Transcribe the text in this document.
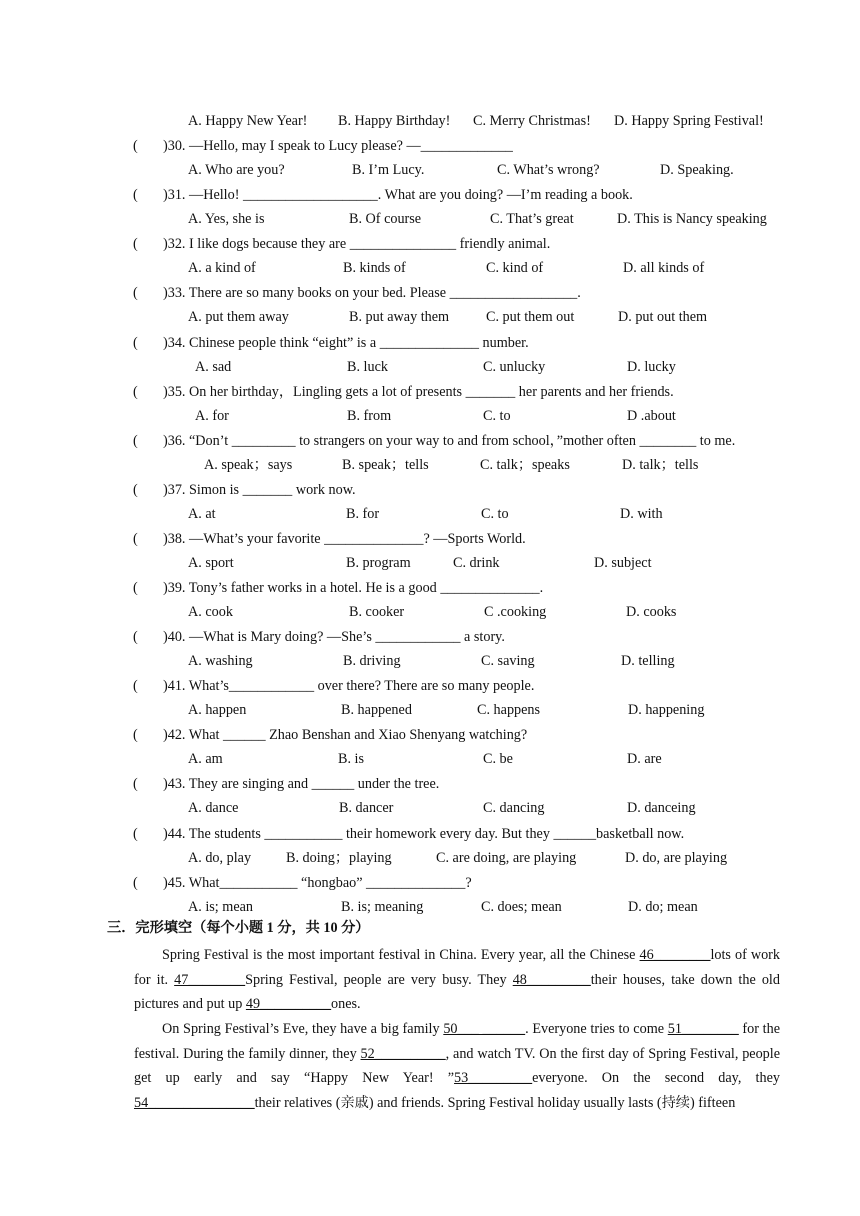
A. Happy New Year! B. Happy Birthday! C. Merry Christmas! D. Happy Spring Festival!
( )30. —Hello, may I speak to Lucy please? —_____________
A. Who are you?	B. I’m Lucy.	C. What’s wrong?	D. Speaking.
( )31. —Hello! ___________________. What are you doing? —I’m reading a book.
A. Yes, she is	B. Of course	C. That’s great	D. This is Nancy speaking
( )32. I like dogs because they are _______________ friendly animal.
A. a kind of	B. kinds of	C. kind of	D. all kinds of
( )33. There are so many books on your bed. Please __________________.
A. put them away	B. put away them	C. put them out	D. put out them
( )34. Chinese people think “eight” is a ______________ number.
A. sad	B. luck	C. unlucky	D. lucky
( )35. On her birthday，Lingling gets a lot of presents _______ her parents and her friends.
A. for	B. from	C. to	D .about
( )36. “Don’t _________ to strangers on your way to and from school，”mother often ________ to me.
A. speak；says	B. speak；tells	C. talk；speaks	D. talk；tells
( )37. Simon is _______ work now.
A. at	B. for	C. to	D. with
( )38. —What’s your favorite ______________? —Sports World.
A. sport	B. program	C. drink	D. subject
( )39. Tony’s father works in a hotel. He is a good ______________.
A. cook	B. cooker	C .cooking	D. cooks
( )40. —What is Mary doing? —She’s ____________ a story.
A. washing	B. driving	C. saving	D. telling
( )41. What’s____________ over there? There are so many people.
A. happen	B. happened	C. happens	D. happening
( )42. What ______ Zhao Benshan and Xiao Shenyang watching?
A. am	B. is	C. be	D. are
( )43. They are singing and ______ under the tree.
A. dance	B. dancer	C. dancing	D. danceing
( )44. The students ___________ their homework every day. But they ______basketball now.
A. do, play B. doing；playing	C. are doing, are playing	D. do, are playing
( )45. What___________ “hongbao” ______________?
A. is; mean	B. is; meaning	C. does; mean	D. do; mean
三．完形填空（每个小题 1 分，共 10 分）
Spring Festival is the most important festival in China. Every year, all the Chinese 46________lots of work for it. 47________Spring Festival, people are very busy. They 48_________their houses, take down the old pictures and put up 49__________ones.
On Spring Festival’s Eve, they have a big family 50___ ______. Everyone tries to come 51________ for the festival. During the family dinner, they 52__________, and watch TV. On the first day of Spring Festival, people get up early and say “Happy New Year! ”53_________everyone. On the second day, they 54_______________their relatives (亲戚) and friends. Spring Festival holiday usually lasts (持续) fifteen
